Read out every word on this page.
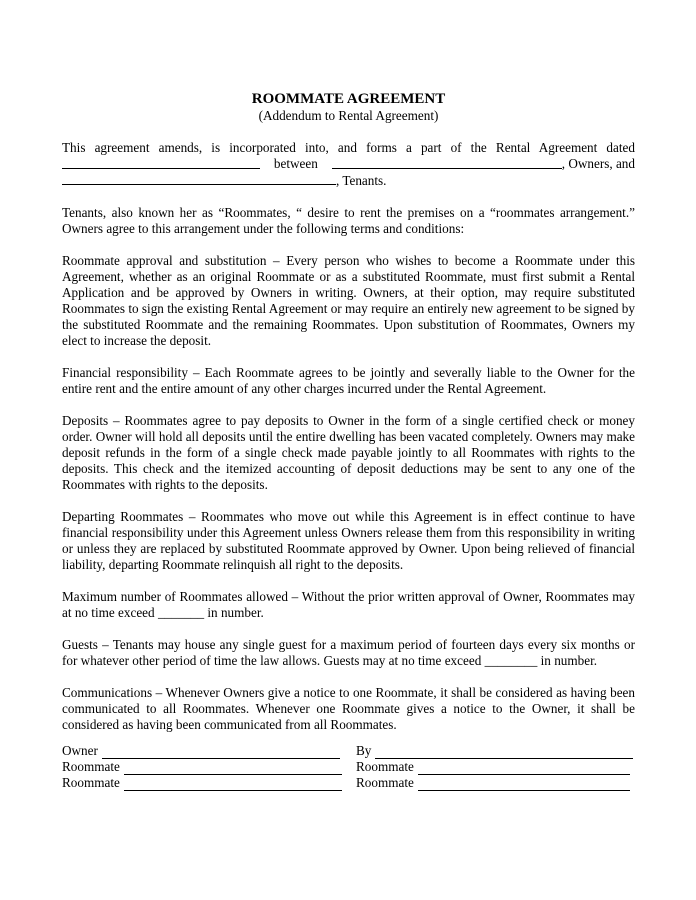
ROOMMATE AGREEMENT
(Addendum to Rental Agreement)
This agreement amends, is incorporated into, and forms a part of the Rental Agreement dated
between	, Owners, and
, Tenants.

Tenants, also known her as “Roommates, “ desire to rent the premises on a “roommates arrangement.” Owners agree to this arrangement under the following terms and conditions:

Roommate approval and substitution – Every person who wishes to become a Roommate under this Agreement, whether as an original Roommate or as a substituted Roommate, must first submit a Rental Application and be approved by Owners in writing. Owners, at their option, may require substituted Roommates to sign the existing Rental Agreement or may require an entirely new agreement to be signed by the substituted Roommate and the remaining Roommates. Upon substitution of Roommates, Owners my elect to increase the deposit.

Financial responsibility – Each Roommate agrees to be jointly and severally liable to the Owner for the entire rent and the entire amount of any other charges incurred under the Rental Agreement.

Deposits – Roommates agree to pay deposits to Owner in the form of a single certified check or money order. Owner will hold all deposits until the entire dwelling has been vacated completely. Owners may make deposit refunds in the form of a single check made payable jointly to all Roommates with rights to the deposits. This check and the itemized accounting of deposit deductions may be sent to any one of the Roommates with rights to the deposits.

Departing Roommates – Roommates who move out while this Agreement is in effect continue to have financial responsibility under this Agreement unless Owners release them from this responsibility in writing or unless they are replaced by substituted Roommate approved by Owner. Upon being relieved of financial liability, departing Roommate relinquish all right to the deposits.

Maximum number of Roommates allowed – Without the prior written approval of Owner, Roommates may at no time exceed _______ in number.

Guests – Tenants may house any single guest for a maximum period of fourteen days every six months or for whatever other period of time the law allows. Guests may at no time exceed ________ in number.

Communications – Whenever Owners give a notice to one Roommate, it shall be considered as having been communicated to all Roommates. Whenever one Roommate gives a notice to the Owner, it shall be considered as having been communicated from all Roommates.

Owner	By
Roommate	Roommate
Roommate	Roommate
